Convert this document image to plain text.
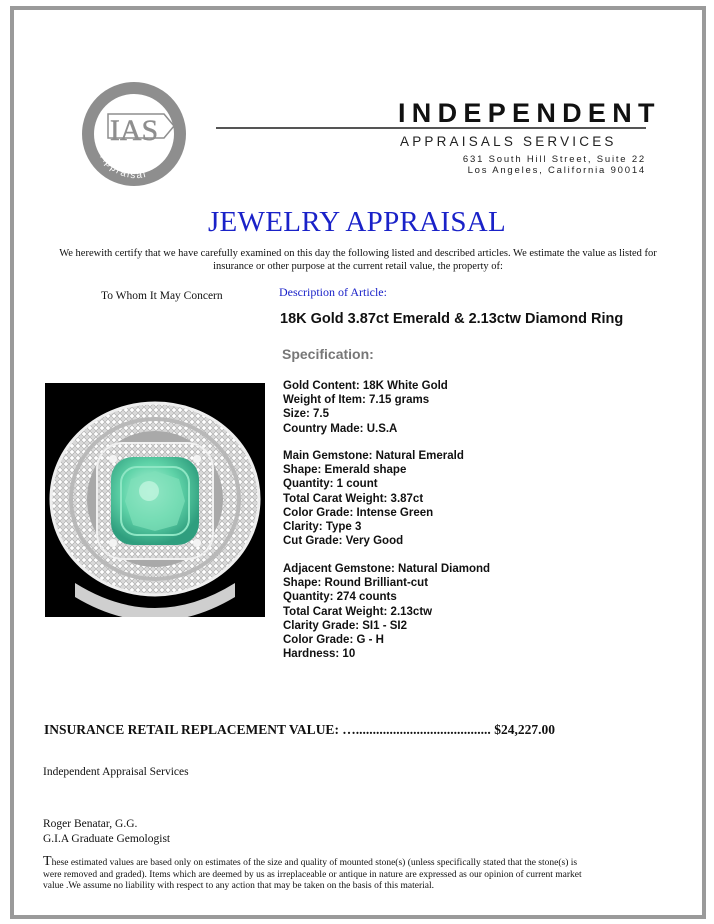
IAS
Appraisal
INDEPENDENT
APPRAISALS SERVICES
631 South Hill Street, Suite 22
Los Angeles, California 90014
JEWELRY APPRAISAL
We herewith certify that we have carefully examined on this day the following listed and described articles. We estimate the value as listed for insurance or other purpose at the current retail value, the property of:
To Whom It May Concern	Description of Article:
18K Gold 3.87ct Emerald & 2.13ctw Diamond Ring
Specification:
Gold Content: 18K White Gold
Weight of Item: 7.15 grams
Size: 7.5
Country Made: U.S.A
Main Gemstone: Natural Emerald
Shape: Emerald shape
Quantity: 1 count
Total Carat Weight: 3.87ct
Color Grade: Intense Green
Clarity: Type 3
Cut Grade: Very Good
Adjacent Gemstone: Natural Diamond
Shape: Round Brilliant-cut
Quantity: 274 counts
Total Carat Weight: 2.13ctw
Clarity Grade: SI1 - SI2
Color Grade: G - H
Hardness: 10
INSURANCE RETAIL REPLACEMENT VALUE: …........................................ $24,227.00
Independent Appraisal Services
Roger Benatar, G.G.
G.I.A Graduate Gemologist
These estimated values are based only on estimates of the size and quality of mounted stone(s) (unless specifically stated that the stone(s) is were removed and graded). Items which are deemed by us as irreplaceable or antique in nature are expressed as our opinion of current market value .We assume no liability with respect to any action that may be taken on the basis of this material.
